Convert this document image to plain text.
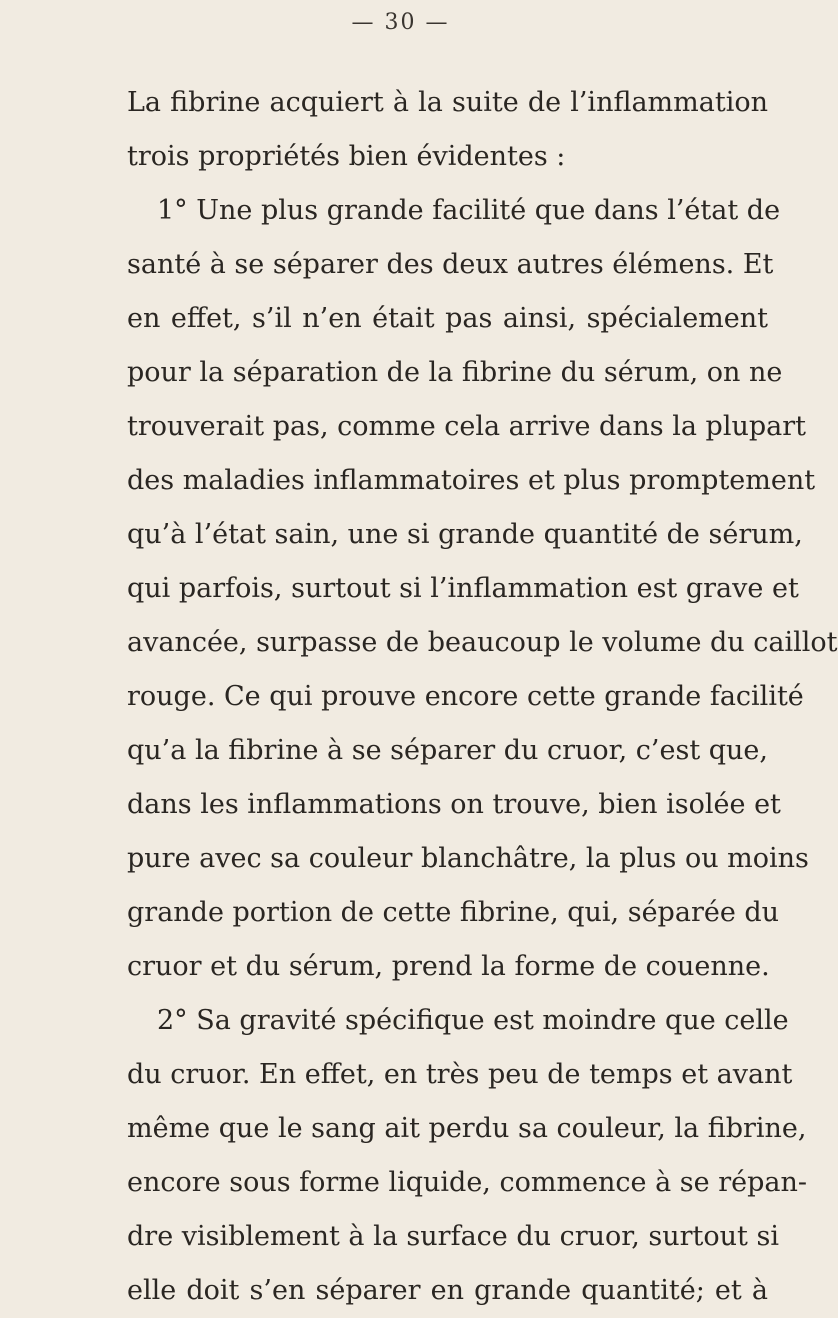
— 30 —
La fibrine acquiert à la suite de l’inflammation
trois propriétés bien évidentes :
1° Une plus grande facilité que dans l’état de
santé à se séparer des deux autres élémens. Et
en effet, s’il n’en était pas ainsi, spécialement
pour la séparation de la fibrine du sérum, on ne
trouverait pas, comme cela arrive dans la plupart
des maladies inflammatoires et plus promptement
qu’à l’état sain, une si grande quantité de sérum,
qui parfois, surtout si l’inflammation est grave et
avancée, surpasse de beaucoup le volume du caillot
rouge. Ce qui prouve encore cette grande facilité
qu’a la fibrine à se séparer du cruor, c’est que,
dans les inflammations on trouve, bien isolée et
pure avec sa couleur blanchâtre, la plus ou moins
grande portion de cette fibrine, qui, séparée du
cruor et du sérum, prend la forme de couenne.
2° Sa gravité spécifique est moindre que celle
du cruor. En effet, en très peu de temps et avant
même que le sang ait perdu sa couleur, la fibrine,
encore sous forme liquide, commence à se répan-
dre visiblement à la surface du cruor, surtout si
elle doit s’en séparer en grande quantité; et à
